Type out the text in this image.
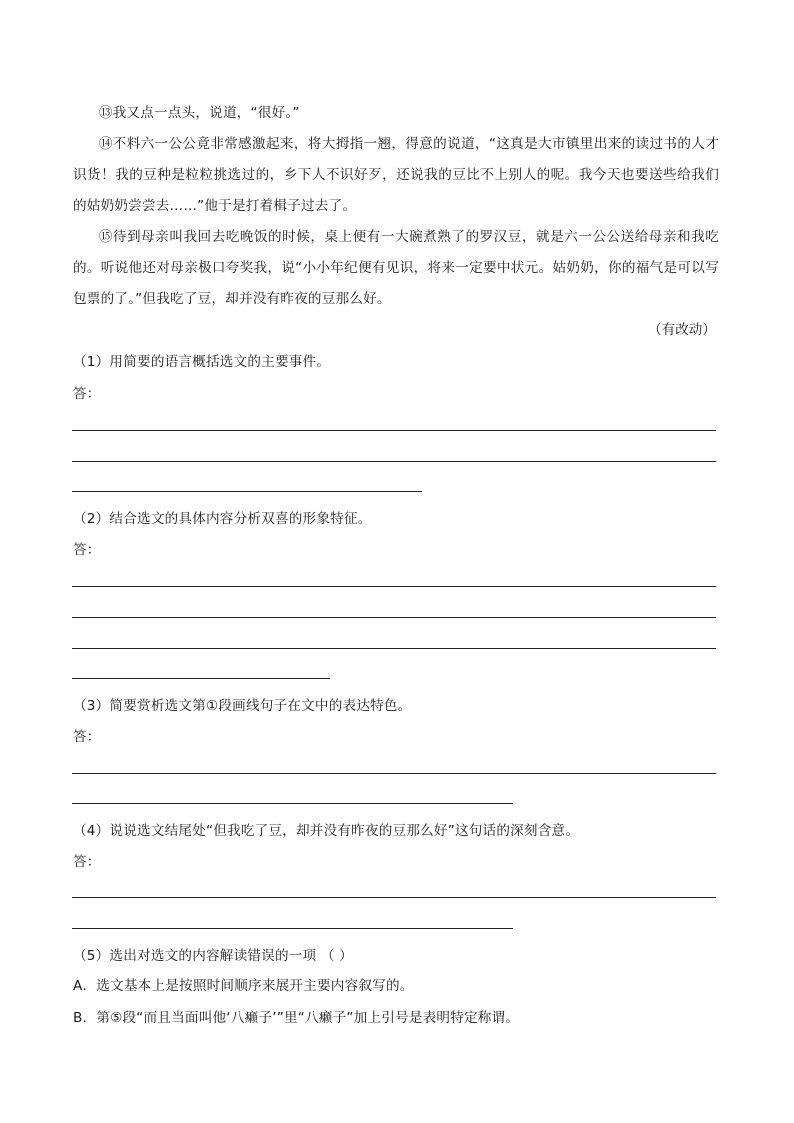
⑬我又点一点头，说道，“很好。”

⑭不料六一公公竟非常感激起来，将大拇指一翘，得意的说道，“这真是大市镇里出来的读过书的人才识货！我的豆种是粒粒挑选过的，乡下人不识好歹，还说我的豆比不上别人的呢。我今天也要送些给我们的姑奶奶尝尝去……”他于是打着楫子过去了。

⑮待到母亲叫我回去吃晚饭的时候，桌上便有一大碗煮熟了的罗汉豆，就是六一公公送给母亲和我吃的。听说他还对母亲极口夸奖我，说“小小年纪便有见识，将来一定要中状元。姑奶奶，你的福气是可以写包票的了。”但我吃了豆，却并没有昨夜的豆那么好。

（有改动）
（1）用简要的语言概括选文的主要事件。
答：
（2）结合选文的具体内容分析双喜的形象特征。
答：
（3）简要赏析选文第①段画线句子在文中的表达特色。
答：
（4）说说选文结尾处“但我吃了豆，却并没有昨夜的豆那么好”这句话的深刻含意。
答：
（5）选出对选文的内容解读错误的一项 （ ）
A．选文基本上是按照时间顺序来展开主要内容叙写的。
B．第⑤段“而且当面叫他‘八癞子’”里“八癞子”加上引号是表明特定称谓。
